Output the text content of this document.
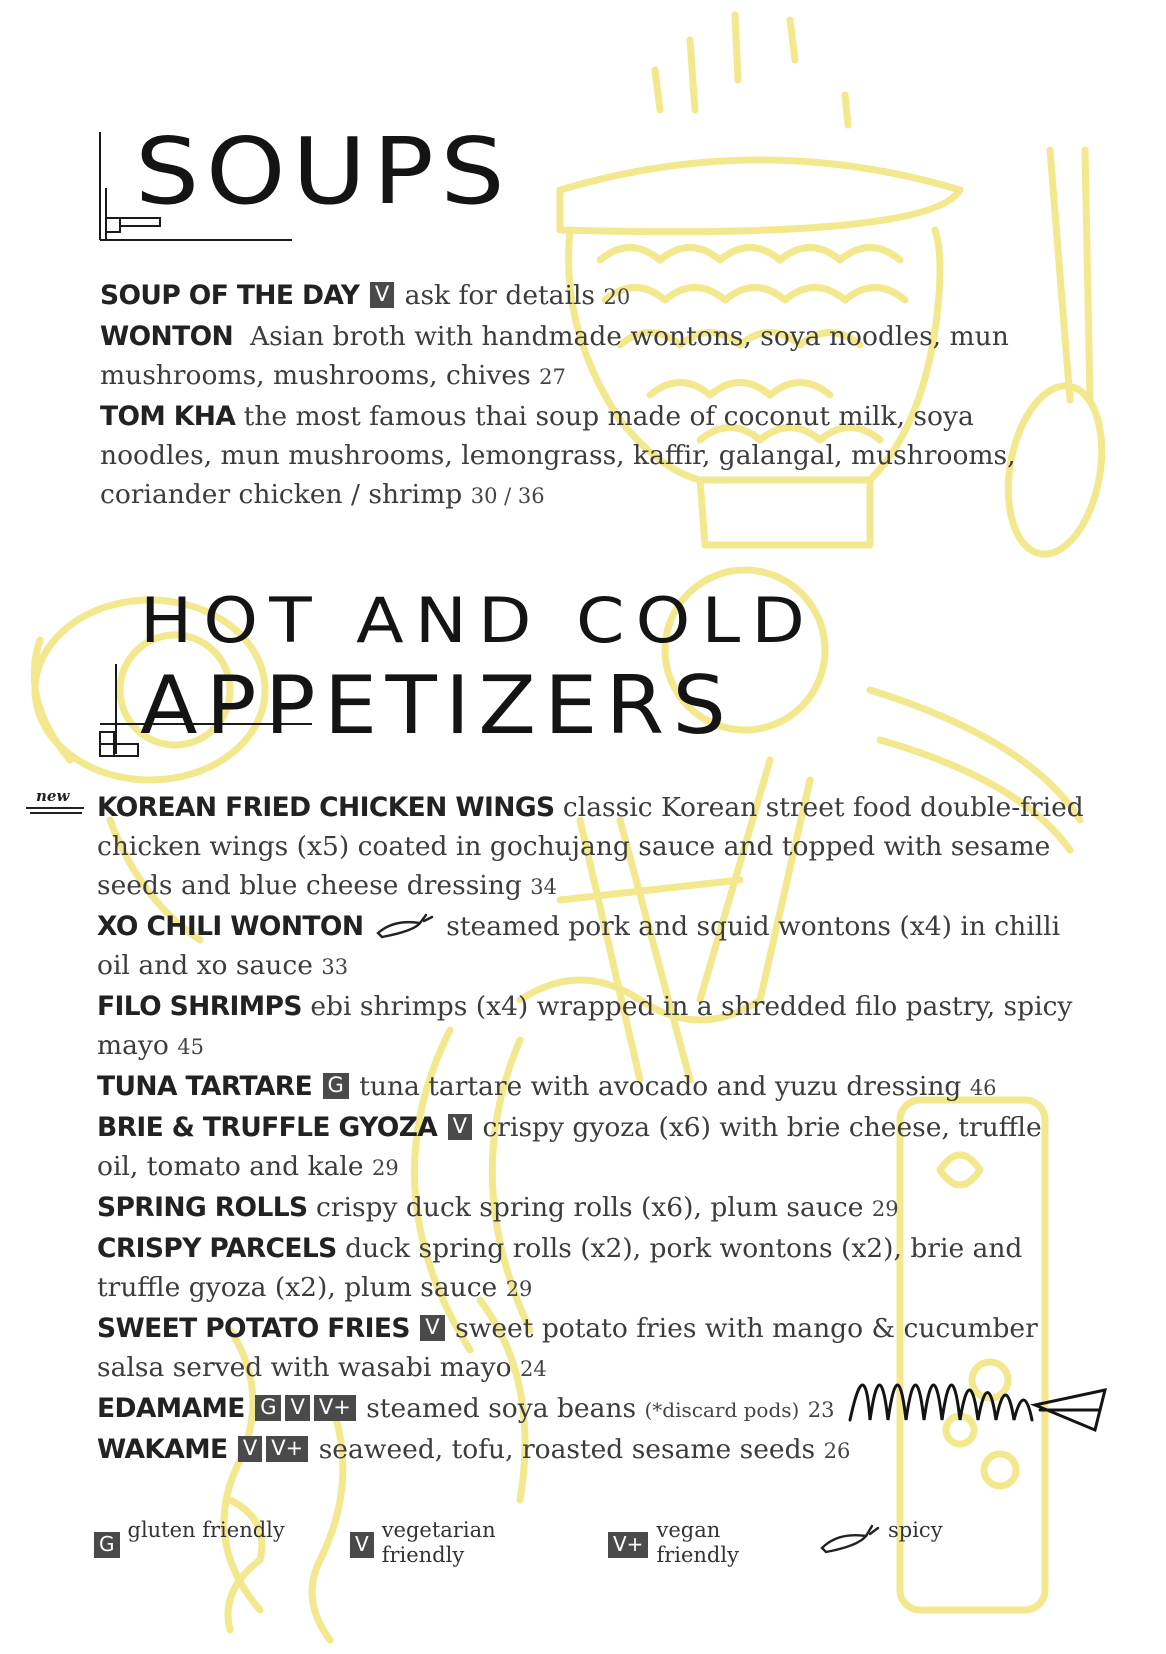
SOUPS

SOUP OF THE DAY V ask for details 20

WONTON Asian broth with handmade wontons, soya noodles, mun mushrooms, mushrooms, chives 27

TOM KHA the most famous thai soup made of coconut milk, soya noodles, mun mushrooms, lemongrass, kaffir, galangal, mushrooms, coriander chicken / shrimp 30 / 36

HOT AND COLD
APPETIZERS
new KOREAN FRIED CHICKEN WINGS classic Korean street food double-fried chicken wings (x5) coated in gochujang sauce and topped with sesame seeds and blue cheese dressing 34

XO CHILI WONTON	steamed pork and squid wontons (x4) in chilli oil and xo sauce 33

FILO SHRIMPS ebi shrimps (x4) wrapped in a shredded filo pastry, spicy mayo 45

TUNA TARTARE G tuna tartare with avocado and yuzu dressing 46

BRIE & TRUFFLE GYOZA V crispy gyoza (x6) with brie cheese, truffle oil, tomato and kale 29

SPRING ROLLS crispy duck spring rolls (x6), plum sauce 29

CRISPY PARCELS duck spring rolls (x2), pork wontons (x2), brie and truffle gyoza (x2), plum sauce 29

SWEET POTATO FRIES V sweet potato fries with mango & cucumber salsa served with wasabi mayo 24

EDAMAME G V V+ steamed soya beans (*discard pods) 23

WAKAME V V+ seaweed, tofu, roasted sesame seeds 26

G
gluten friendly
V
vegetarian
friendly	V+
vegan
friendly
spicy
